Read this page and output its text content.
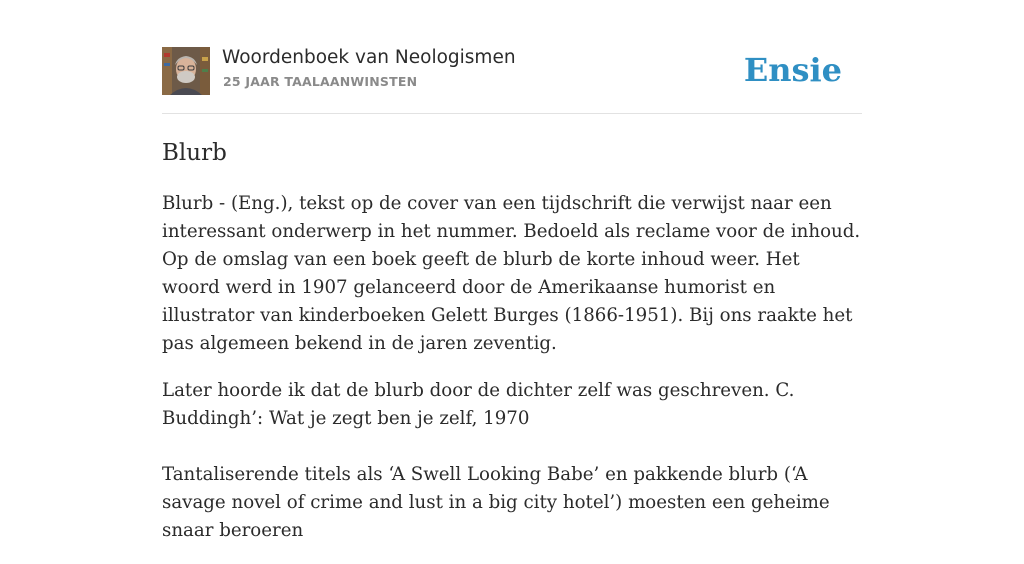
Woordenboek van Neologismen
25 JAAR TAALAANWINSTEN	Ensie
Blurb

Blurb - (Eng.), tekst op de cover van een tijdschrift die verwijst naar een interessant onderwerp in het nummer. Bedoeld als reclame voor de inhoud. Op de omslag van een boek geeft de blurb de korte inhoud weer. Het woord werd in 1907 gelanceerd door de Amerikaanse humorist en illustrator van kinderboeken Gelett Burges (1866-1951). Bij ons raakte het pas algemeen bekend in de jaren zeventig.

Later hoorde ik dat de blurb door de dichter zelf was geschreven. C. Buddingh’: Wat je zegt ben je zelf, 1970

Tantaliserende titels als ‘A Swell Looking Babe’ en pakkende blurb (‘A savage novel of crime and lust in a big city hotel’) moesten een geheime snaar beroeren
